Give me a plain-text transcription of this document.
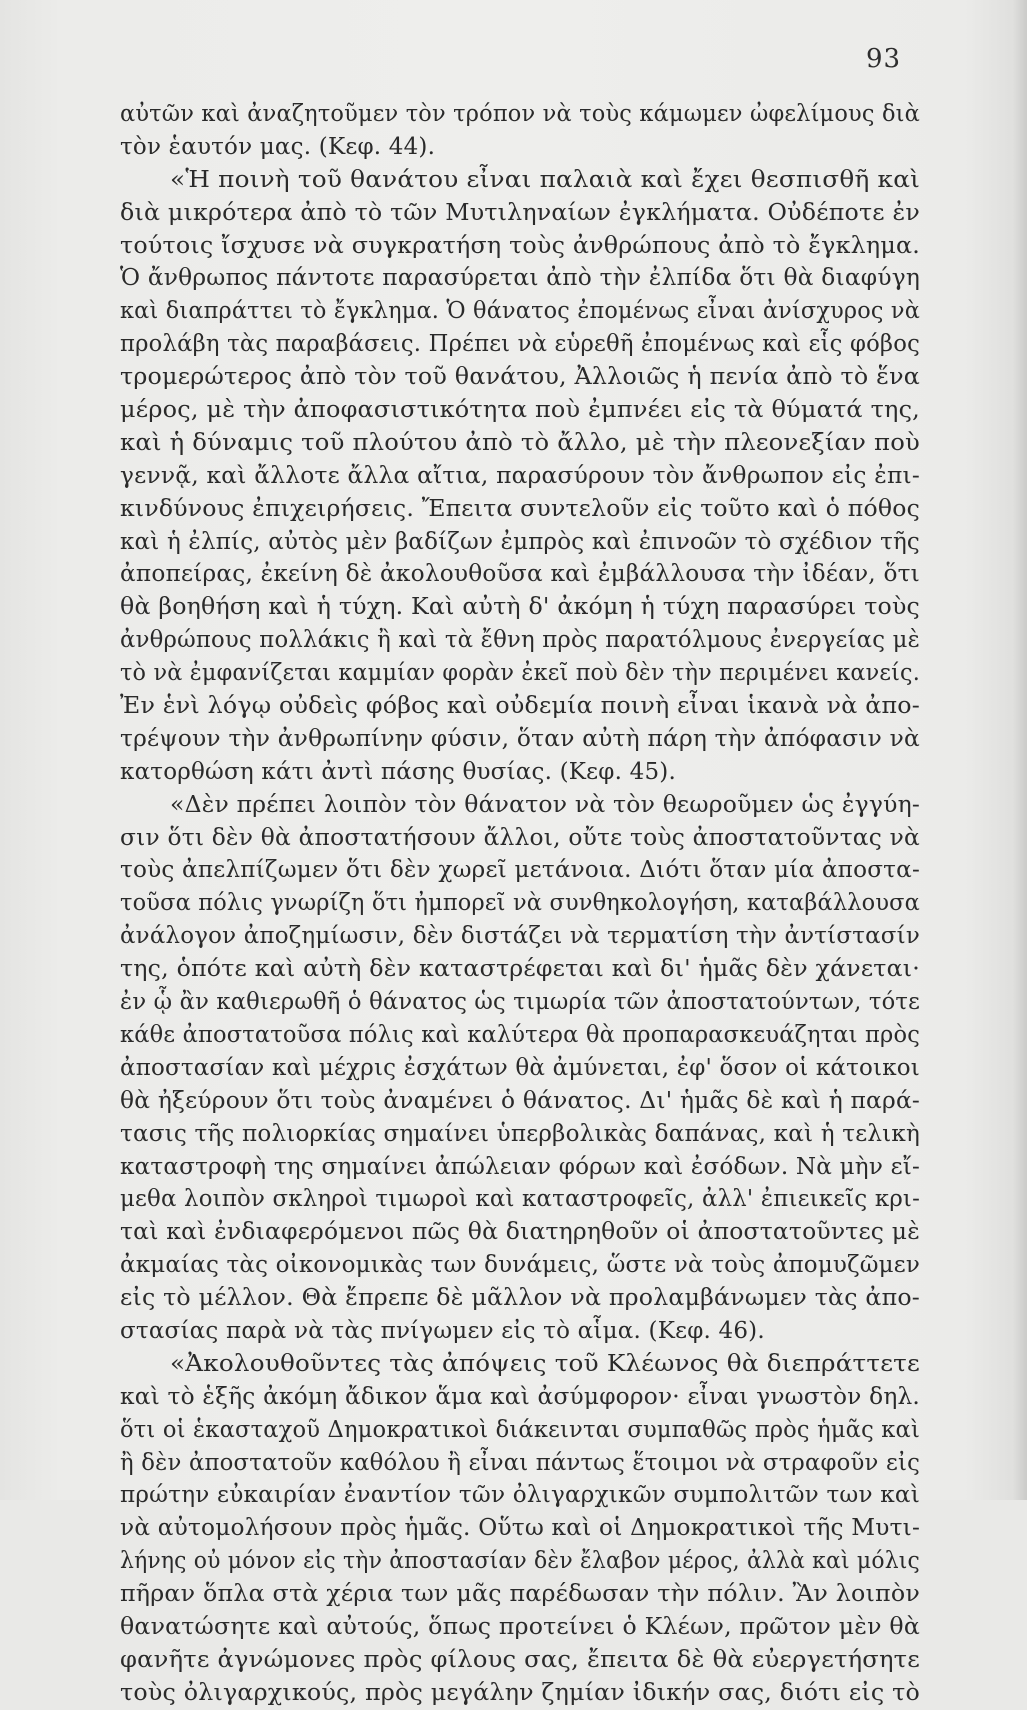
93
αὐτῶν καὶ ἀναζητοῦμεν τὸν τρόπον νὰ τοὺς κάμωμεν ὠφελίμους διὰ
τὸν ἑαυτόν μας. (Κεφ. 44).
«Ἡ ποινὴ τοῦ θανάτου εἶναι παλαιὰ καὶ ἔχει θεσπισθῆ καὶ
διὰ μικρότερα ἀπὸ τὸ τῶν Μυτιληναίων ἐγκλήματα. Οὐδέποτε ἐν
τούτοις ἴσχυσε νὰ συγκρατήση τοὺς ἀνθρώπους ἀπὸ τὸ ἔγκλημα.
Ὁ ἄνθρωπος πάντοτε παρασύρεται ἀπὸ τὴν ἐλπίδα ὅτι θὰ διαφύγη
καὶ διαπράττει τὸ ἔγκλημα. Ὁ θάνατος ἐπομένως εἶναι ἀνίσχυρος νὰ
προλάβη τὰς παραβάσεις. Πρέπει νὰ εὑρεθῆ ἐπομένως καὶ εἷς φόβος
τρομερώτερος ἀπὸ τὸν τοῦ θανάτου, Ἀλλοιῶς ἡ πενία ἀπὸ τὸ ἕνα
μέρος, μὲ τὴν ἀποφασιστικότητα ποὺ ἐμπνέει εἰς τὰ θύματά της,
καὶ ἡ δύναμις τοῦ πλούτου ἀπὸ τὸ ἄλλο, μὲ τὴν πλεονεξίαν ποὺ
γεννᾷ, καὶ ἄλλοτε ἄλλα αἴτια, παρασύρουν τὸν ἄνθρωπον εἰς ἐπι-
κινδύνους ἐπιχειρήσεις. Ἔπειτα συντελοῦν εἰς τοῦτο καὶ ὁ πόθος
καὶ ἡ ἐλπίς, αὐτὸς μὲν βαδίζων ἐμπρὸς καὶ ἐπινοῶν τὸ σχέδιον τῆς
ἀποπείρας, ἐκείνη δὲ ἀκολουθοῦσα καὶ ἐμβάλλουσα τὴν ἰδέαν, ὅτι
θὰ βοηθήση καὶ ἡ τύχη. Καὶ αὐτὴ δ' ἀκόμη ἡ τύχη παρασύρει τοὺς
ἀνθρώπους πολλάκις ἢ καὶ τὰ ἔθνη πρὸς παρατόλμους ἐνεργείας μὲ
τὸ νὰ ἐμφανίζεται καμμίαν φορὰν ἐκεῖ ποὺ δὲν τὴν περιμένει κανείς.
Ἐν ἑνὶ λόγῳ οὐδεὶς φόβος καὶ οὐδεμία ποινὴ εἶναι ἱκανὰ νὰ ἀπο-
τρέψουν τὴν ἀνθρωπίνην φύσιν, ὅταν αὐτὴ πάρη τὴν ἀπόφασιν νὰ
κατορθώση κάτι ἀντὶ πάσης θυσίας. (Κεφ. 45).
«Δὲν πρέπει λοιπὸν τὸν θάνατον νὰ τὸν θεωροῦμεν ὡς ἐγγύη-
σιν ὅτι δὲν θὰ ἀποστατήσουν ἄλλοι, οὔτε τοὺς ἀποστατοῦντας νὰ
τοὺς ἀπελπίζωμεν ὅτι δὲν χωρεῖ μετάνοια. Διότι ὅταν μία ἀποστα-
τοῦσα πόλις γνωρίζη ὅτι ἠμπορεῖ νὰ συνθηκολογήση, καταβάλλουσα
ἀνάλογον ἀποζημίωσιν, δὲν διστάζει νὰ τερματίση τὴν ἀντίστασίν
της, ὁπότε καὶ αὐτὴ δὲν καταστρέφεται καὶ δι' ἡμᾶς δὲν χάνεται·
ἐν ᾧ ἂν καθιερωθῆ ὁ θάνατος ὡς τιμωρία τῶν ἀποστατούντων, τότε
κάθε ἀποστατοῦσα πόλις καὶ καλύτερα θὰ προπαρασκευάζηται πρὸς
ἀποστασίαν καὶ μέχρις ἐσχάτων θὰ ἀμύνεται, ἐφ' ὅσον οἱ κάτοικοι
θὰ ἠξεύρουν ὅτι τοὺς ἀναμένει ὁ θάνατος. Δι' ἡμᾶς δὲ καὶ ἡ παρά-
τασις τῆς πολιορκίας σημαίνει ὑπερβολικὰς δαπάνας, καὶ ἡ τελικὴ
καταστροφὴ της σημαίνει ἀπώλειαν φόρων καὶ ἐσόδων. Νὰ μὴν εἴ-
μεθα λοιπὸν σκληροὶ τιμωροὶ καὶ καταστροφεῖς, ἀλλ' ἐπιεικεῖς κρι-
ταὶ καὶ ἐνδιαφερόμενοι πῶς θὰ διατηρηθοῦν οἱ ἀποστατοῦντες μὲ
ἀκμαίας τὰς οἰκονομικὰς των δυνάμεις, ὥστε νὰ τοὺς ἀπομυζῶμεν
εἰς τὸ μέλλον. Θὰ ἔπρεπε δὲ μᾶλλον νὰ προλαμβάνωμεν τὰς ἀπο-
στασίας παρὰ νὰ τὰς πνίγωμεν εἰς τὸ αἷμα. (Κεφ. 46).
«Ἀκολουθοῦντες τὰς ἀπόψεις τοῦ Κλέωνος θὰ διεπράττετε
καὶ τὸ ἑξῆς ἀκόμη ἄδικον ἅμα καὶ ἀσύμφορον· εἶναι γνωστὸν δηλ.
ὅτι οἱ ἑκασταχοῦ Δημοκρατικοὶ διάκεινται συμπαθῶς πρὸς ἡμᾶς καὶ
ἢ δὲν ἀποστατοῦν καθόλου ἢ εἶναι πάντως ἕτοιμοι νὰ στραφοῦν εἰς
πρώτην εὐκαιρίαν ἐναντίον τῶν ὀλιγαρχικῶν συμπολιτῶν των καὶ
νὰ αὐτομολήσουν πρὸς ἡμᾶς. Οὕτω καὶ οἱ Δημοκρατικοὶ τῆς Μυτι-
λήνης οὐ μόνον εἰς τὴν ἀποστασίαν δὲν ἔλαβον μέρος, ἀλλὰ καὶ μόλις
πῆραν ὅπλα στὰ χέρια των μᾶς παρέδωσαν τὴν πόλιν. Ἂν λοιπὸν
θανατώσητε καὶ αὐτούς, ὅπως προτείνει ὁ Κλέων, πρῶτον μὲν θὰ
φανῆτε ἀγνώμονες πρὸς φίλους σας, ἔπειτα δὲ θὰ εὐεργετήσητε
τοὺς ὀλιγαρχικούς, πρὸς μεγάλην ζημίαν ἰδικήν σας, διότι εἰς τὸ
